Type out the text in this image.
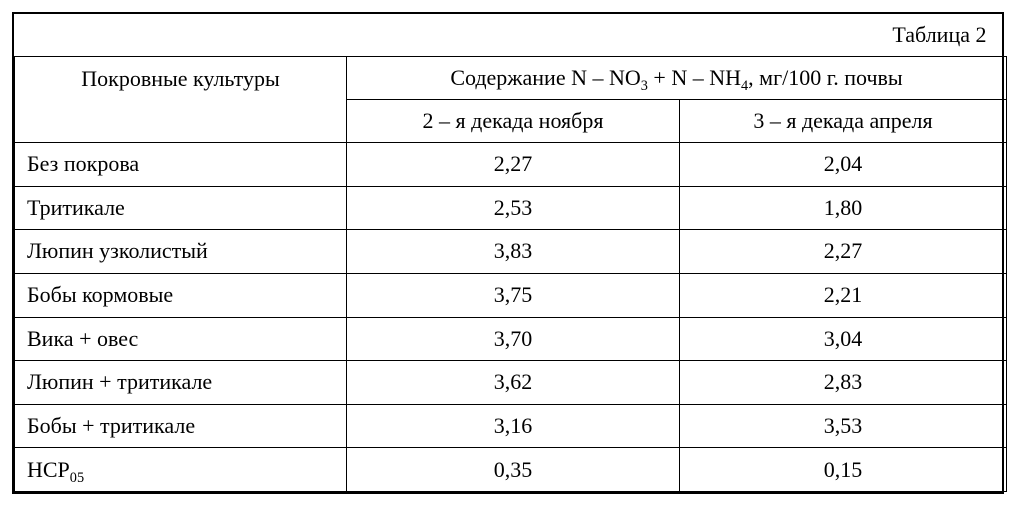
Таблица 2		
Покровные культуры	Содержание $N - NO_3 + N - NH_4$, мг/100 г. почвы	
	2 – я декада ноября	3 – я декада апреля
Без покрова	2,27	2,04
Тритикале	2,53	1,80
Люпин узколистый	3,83	2,27
Бобы кормовые	3,75	2,21
Вика + овес	3,70	3,04
Люпин + тритикале	3,62	2,83
Бобы + тритикале	3,16	3,53
$НСР_{05}$	0,35	0,15
